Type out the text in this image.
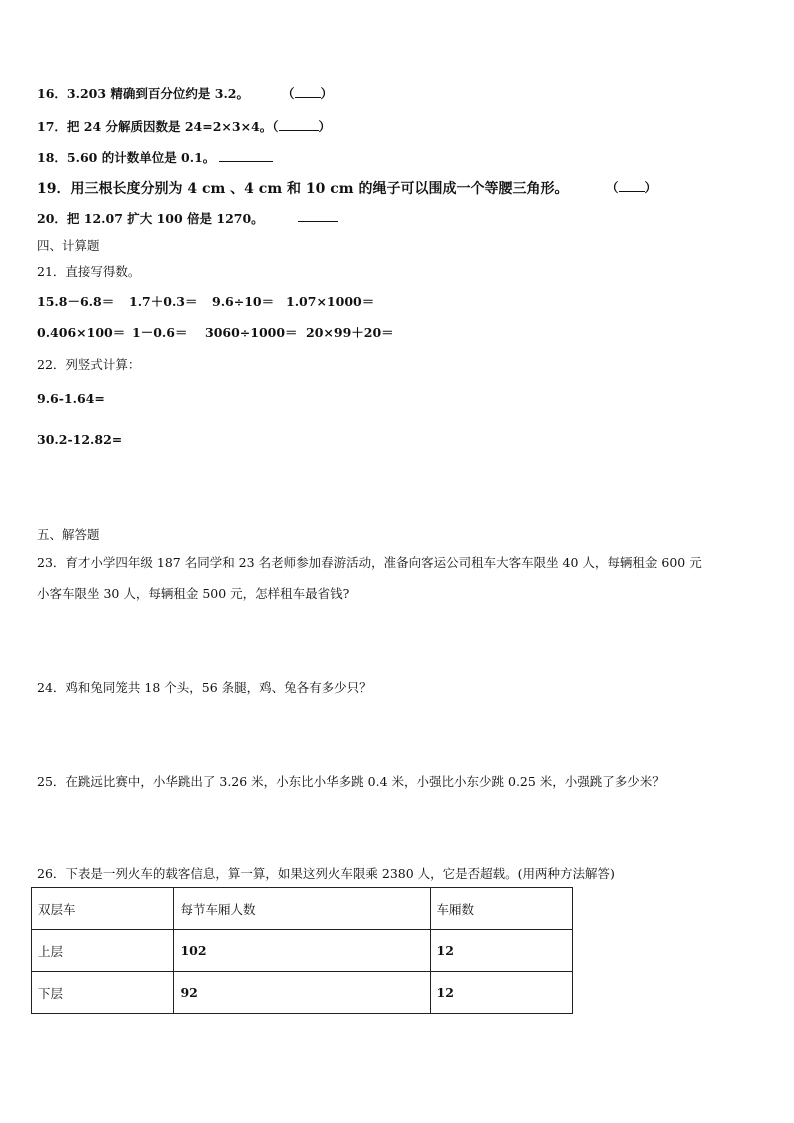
16．3.203 精确到百分位约是 3.2。	（ ）
17．把 24 分解质因数是 24=2×3×4。（	）
18．5.60 的计数单位是 0.1。
19．用三根长度分别为 4 cm 、4 cm 和 10 cm 的绳子可以围成一个等腰三角形。	（ ）
20．把 12.07 扩大 100 倍是 1270。
四、计算题
21．直接写得数。
15.8－6.8＝ 1.7＋0.3＝ 9.6÷10＝ 1.07×1000＝
0.406×100＝ 1－0.6＝ 3060÷1000＝ 20×99＋20＝
22．列竖式计算：
9.6-1.64=
30.2-12.82=
五、解答题
23．育才小学四年级 187 名同学和 23 名老师参加春游活动，准备向客运公司租车大客车限坐 40 人，每辆租金 600 元
小客车限坐 30 人，每辆租金 500 元，怎样租车最省钱?
24．鸡和兔同笼共 18 个头，56 条腿，鸡、兔各有多少只？
25．在跳远比赛中，小华跳出了 3.26 米，小东比小华多跳 0.4 米，小强比小东少跳 0.25 米，小强跳了多少米？
26．下表是一列火车的载客信息，算一算，如果这列火车限乘 2380 人，它是否超载。(用两种方法解答)
双层车	每节车厢人数	车厢数
上层	102	12
下层	92	12
